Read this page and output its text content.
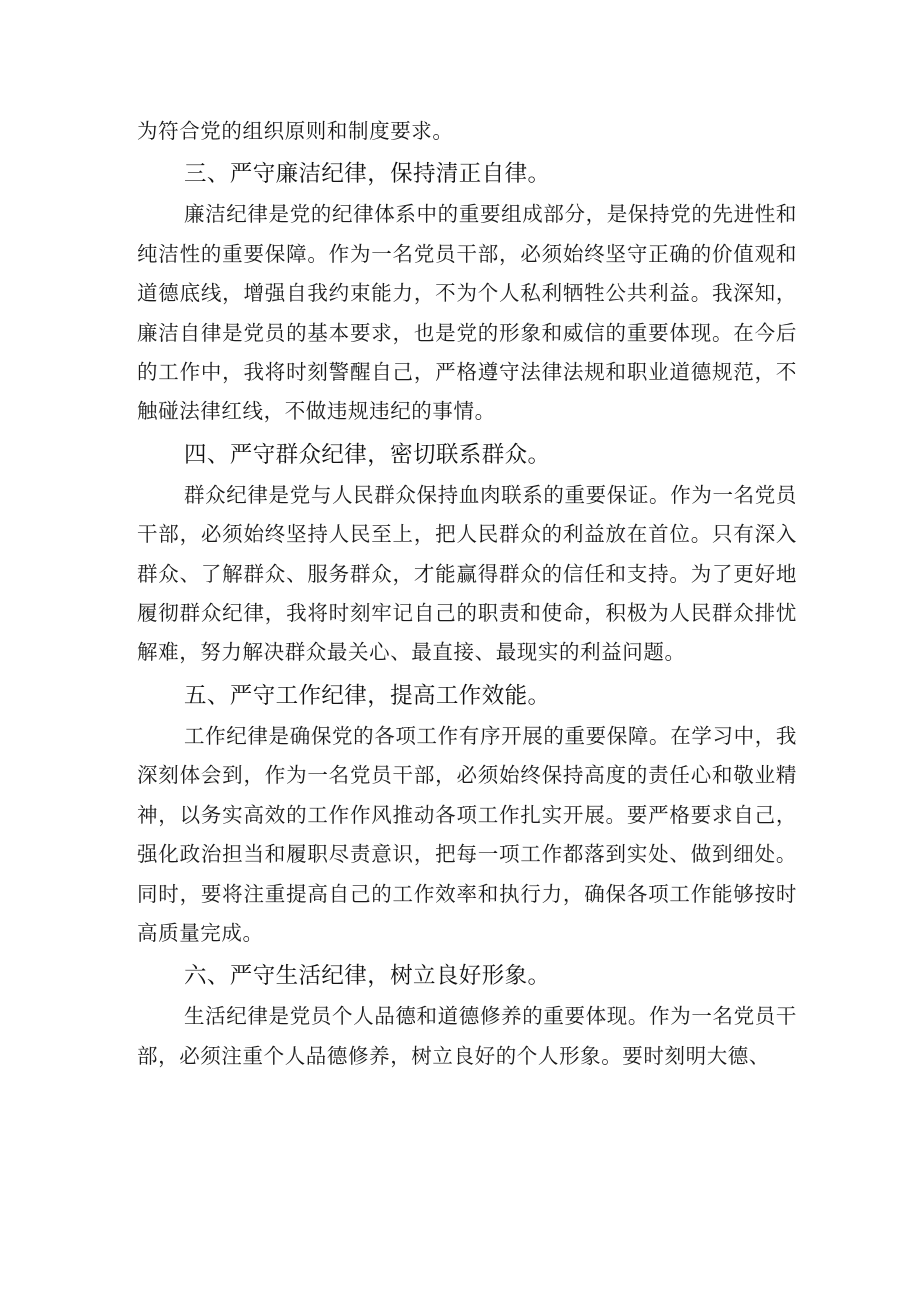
为符合党的组织原则和制度要求。

三、严守廉洁纪律，保持清正自律。

廉洁纪律是党的纪律体系中的重要组成部分，是保持党的先进性和纯洁性的重要保障。作为一名党员干部，必须始终坚守正确的价值观和道德底线，增强自我约束能力，不为个人私利牺牲公共利益。我深知，廉洁自律是党员的基本要求，也是党的形象和威信的重要体现。在今后的工作中，我将时刻警醒自己，严格遵守法律法规和职业道德规范，不触碰法律红线，不做违规违纪的事情。

四、严守群众纪律，密切联系群众。

群众纪律是党与人民群众保持血肉联系的重要保证。作为一名党员干部，必须始终坚持人民至上，把人民群众的利益放在首位。只有深入群众、了解群众、服务群众，才能赢得群众的信任和支持。为了更好地履彻群众纪律，我将时刻牢记自己的职责和使命，积极为人民群众排忧解难，努力解决群众最关心、最直接、最现实的利益问题。

五、严守工作纪律，提高工作效能。

工作纪律是确保党的各项工作有序开展的重要保障。在学习中，我深刻体会到，作为一名党员干部，必须始终保持高度的责任心和敬业精神，以务实高效的工作作风推动各项工作扎实开展。要严格要求自己，强化政治担当和履职尽责意识，把每一项工作都落到实处、做到细处。同时，要将注重提高自己的工作效率和执行力，确保各项工作能够按时高质量完成。

六、严守生活纪律，树立良好形象。

生活纪律是党员个人品德和道德修养的重要体现。作为一名党员干部，必须注重个人品德修养，树立良好的个人形象。要时刻明大德、
